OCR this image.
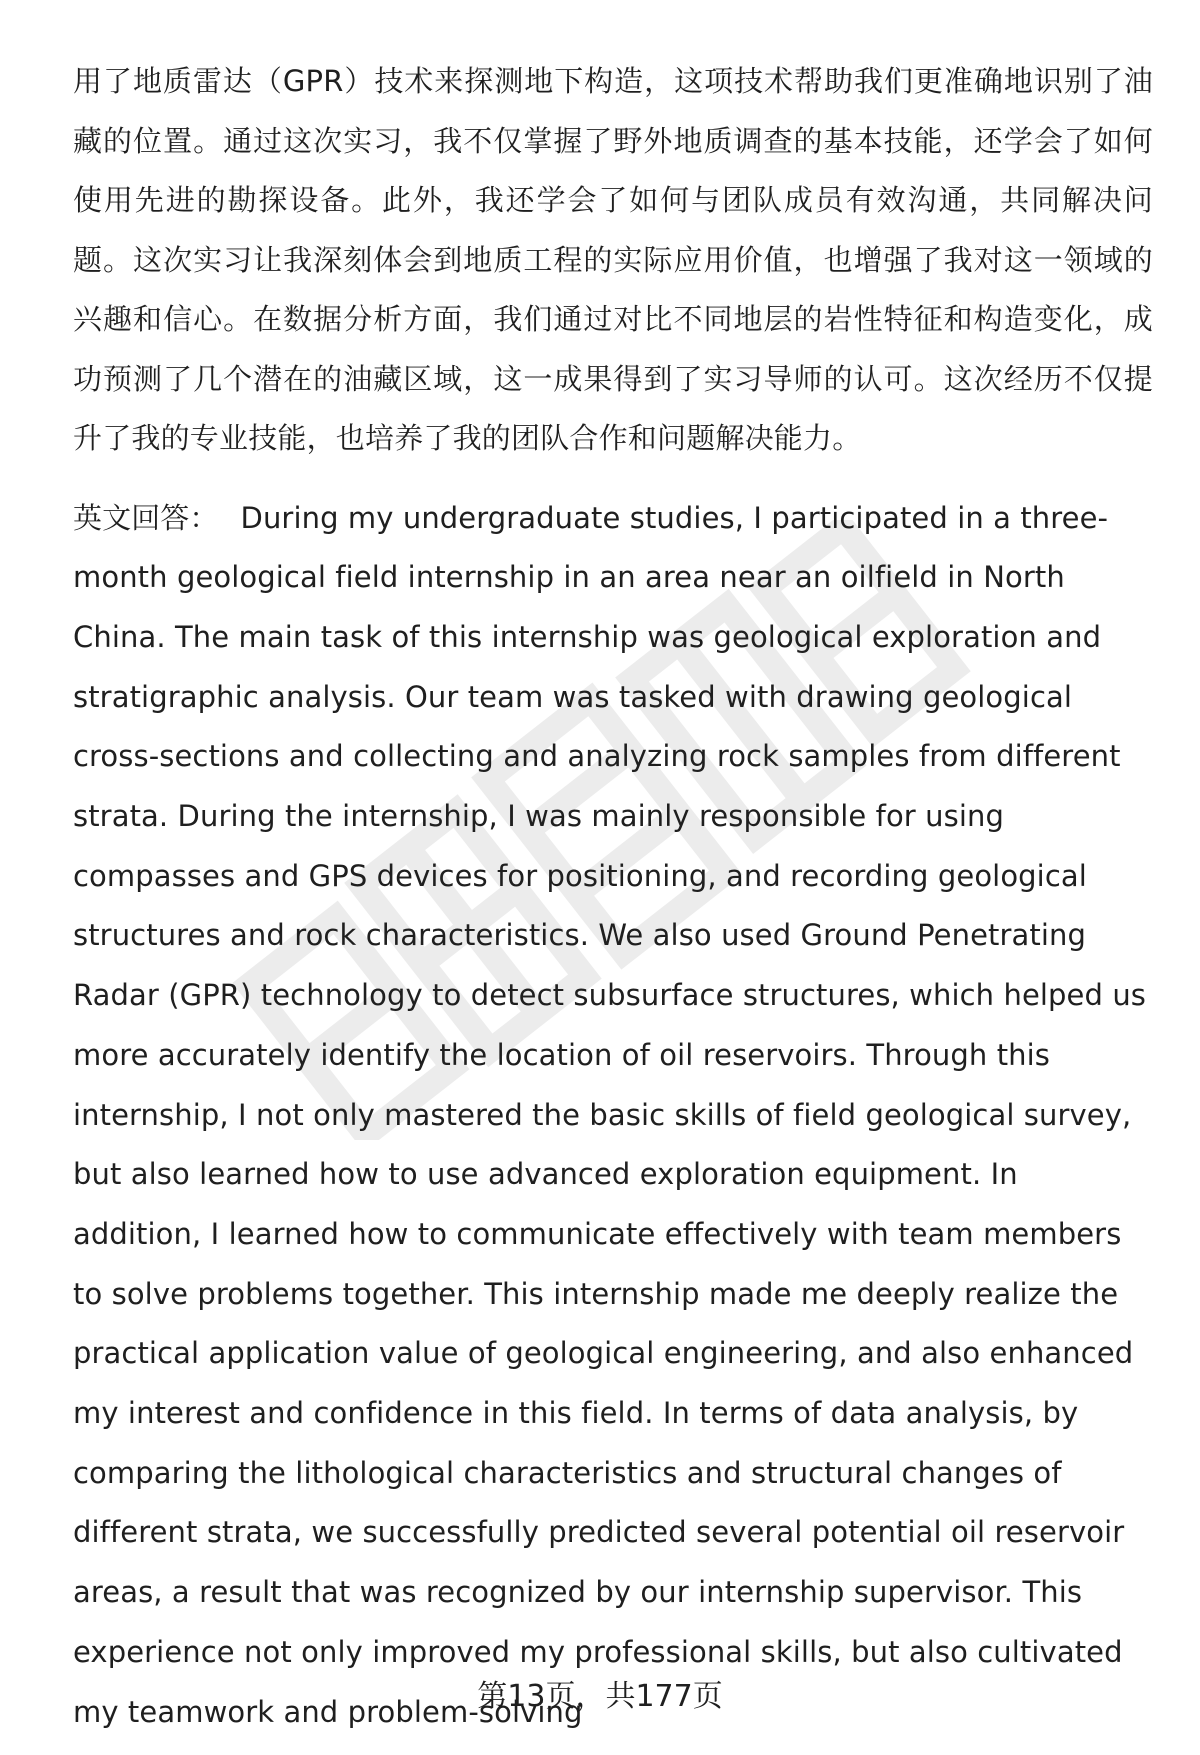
用了地质雷达（GPR）技术来探测地下构造，这项技术帮助我们更准确地识别了油藏的位置。通过这次实习，我不仅掌握了野外地质调查的基本技能，还学会了如何使用先进的勘探设备。此外，我还学会了如何与团队成员有效沟通，共同解决问题。这次实习让我深刻体会到地质工程的实际应用价值，也增强了我对这一领域的兴趣和信心。在数据分析方面，我们通过对比不同地层的岩性特征和构造变化，成功预测了几个潜在的油藏区域，这一成果得到了实习导师的认可。这次经历不仅提升了我的专业技能，也培养了我的团队合作和问题解决能力。

英文回答： During my undergraduate studies, I participated in a three-month geological field internship in an area near an oilfield in North China. The main task of this internship was geological exploration and stratigraphic analysis. Our team was tasked with drawing geological cross-sections and collecting and analyzing rock samples from different strata. During the internship, I was mainly responsible for using compasses and GPS devices for positioning, and recording geological structures and rock characteristics. We also used Ground Penetrating Radar (GPR) technology to detect subsurface structures, which helped us more accurately identify the location of oil reservoirs. Through this internship, I not only mastered the basic skills of field geological survey, but also learned how to use advanced exploration equipment. In addition, I learned how to communicate effectively with team members to solve problems together. This internship made me deeply realize the practical application value of geological engineering, and also enhanced my interest and confidence in this field. In terms of data analysis, by comparing the lithological characteristics and structural changes of different strata, we successfully predicted several potential oil reservoir areas, a result that was recognized by our internship supervisor. This experience not only improved my professional skills, but also cultivated my teamwork and problem-solving

第13页，共177页
